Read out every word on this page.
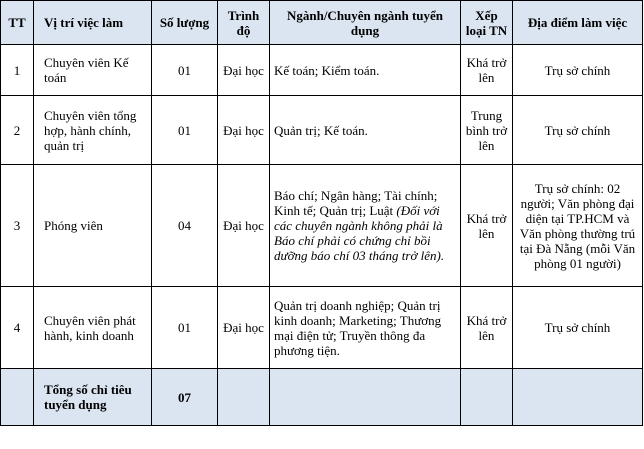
TT	Vị trí việc làm	Số lượng	Trình độ	Ngành/Chuyên ngành tuyển dụng	Xếp loại TN	Địa điểm làm việc
1	Chuyên viên Kế toán	01	Đại học	Kế toán; Kiểm toán.	Khá trở lên	Trụ sở chính
2	Chuyên viên tổng hợp, hành chính, quản trị	01	Đại học	Quản trị; Kế toán.	Trung bình trở lên	Trụ sở chính
3	Phóng viên	04	Đại học	Báo chí; Ngân hàng; Tài chính; Kinh tế; Quản trị; Luật (Đối với các chuyên ngành không phải là Báo chí phải có chứng chỉ bồi dưỡng báo chí 03 tháng trở lên).	Khá trở lên	Trụ sở chính: 02 người; Văn phòng đại diện tại TP.HCM và Văn phòng thường trú tại Đà Nẵng (mỗi Văn phòng 01 người)
4	Chuyên viên phát hành, kinh doanh	01	Đại học	Quản trị doanh nghiệp; Quản trị kinh doanh; Marketing; Thương mại điện tử; Truyền thông đa phương tiện.	Khá trở lên	Trụ sở chính
	Tổng số chỉ tiêu tuyển dụng	07				
